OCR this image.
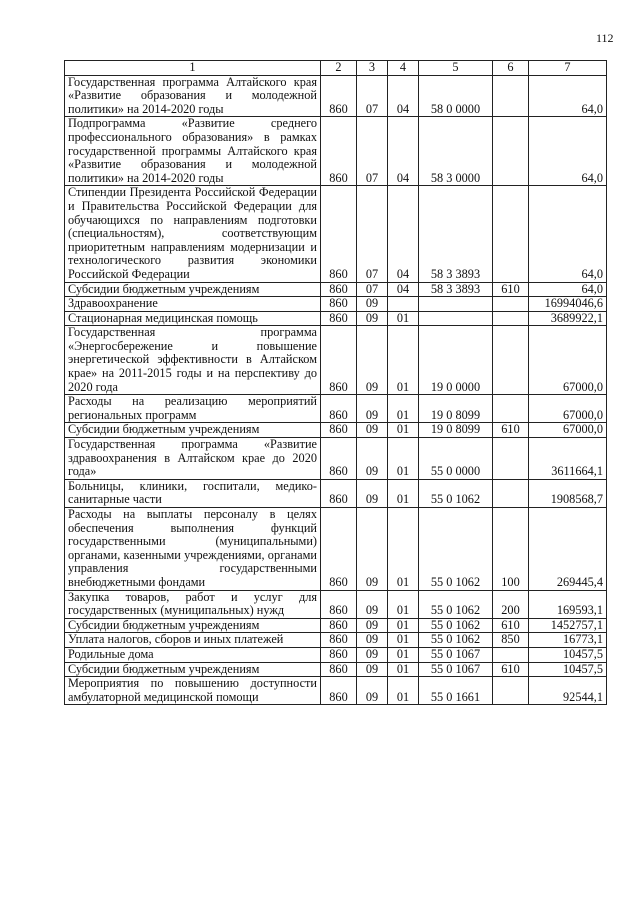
112
1	2	3	4	5	6	7
Государственная программа Алтайского края «Развитие образования и молодежной политики» на 2014-2020 годы	860	07	04	58 0 0000		64,0
Подпрограмма «Развитие среднего профессионального образования» в рамках государственной программы Алтайского края «Развитие образования и молодежной политики» на 2014-2020 годы	860	07	04	58 3 0000		64,0
Стипендии Президента Российской Федерации и Правительства Российской Федерации для обучающихся по направлениям подготовки (специальностям), соответствующим приоритетным направлениям модернизации и технологического развития экономики Российской Федерации	860	07	04	58 3 3893		64,0
Субсидии бюджетным учреждениям	860	07	04	58 3 3893	610	64,0
Здравоохранение	860	09				16994046,6
Стационарная медицинская помощь	860	09	01			3689922,1
Государственная программа «Энергосбережение и повышение энергетической эффективности в Алтайском крае» на 2011-2015 годы и на перспективу до 2020 года	860	09	01	19 0 0000		67000,0
Расходы на реализацию мероприятий региональных программ	860	09	01	19 0 8099		67000,0
Субсидии бюджетным учреждениям	860	09	01	19 0 8099	610	67000,0
Государственная программа «Развитие здравоохранения в Алтайском крае до 2020 года»	860	09	01	55 0 0000		3611664,1
Больницы, клиники, госпитали, медико-санитарные части	860	09	01	55 0 1062		1908568,7
Расходы на выплаты персоналу в целях обеспечения выполнения функций государственными (муниципальными) органами, казенными учреждениями, органами управления государственными внебюджетными фондами	860	09	01	55 0 1062	100	269445,4
Закупка товаров, работ и услуг для государственных (муниципальных) нужд	860	09	01	55 0 1062	200	169593,1
Субсидии бюджетным учреждениям	860	09	01	55 0 1062	610	1452757,1
Уплата налогов, сборов и иных платежей	860	09	01	55 0 1062	850	16773,1
Родильные дома	860	09	01	55 0 1067		10457,5
Субсидии бюджетным учреждениям	860	09	01	55 0 1067	610	10457,5
Мероприятия по повышению доступности амбулаторной медицинской помощи	860	09	01	55 0 1661		92544,1
